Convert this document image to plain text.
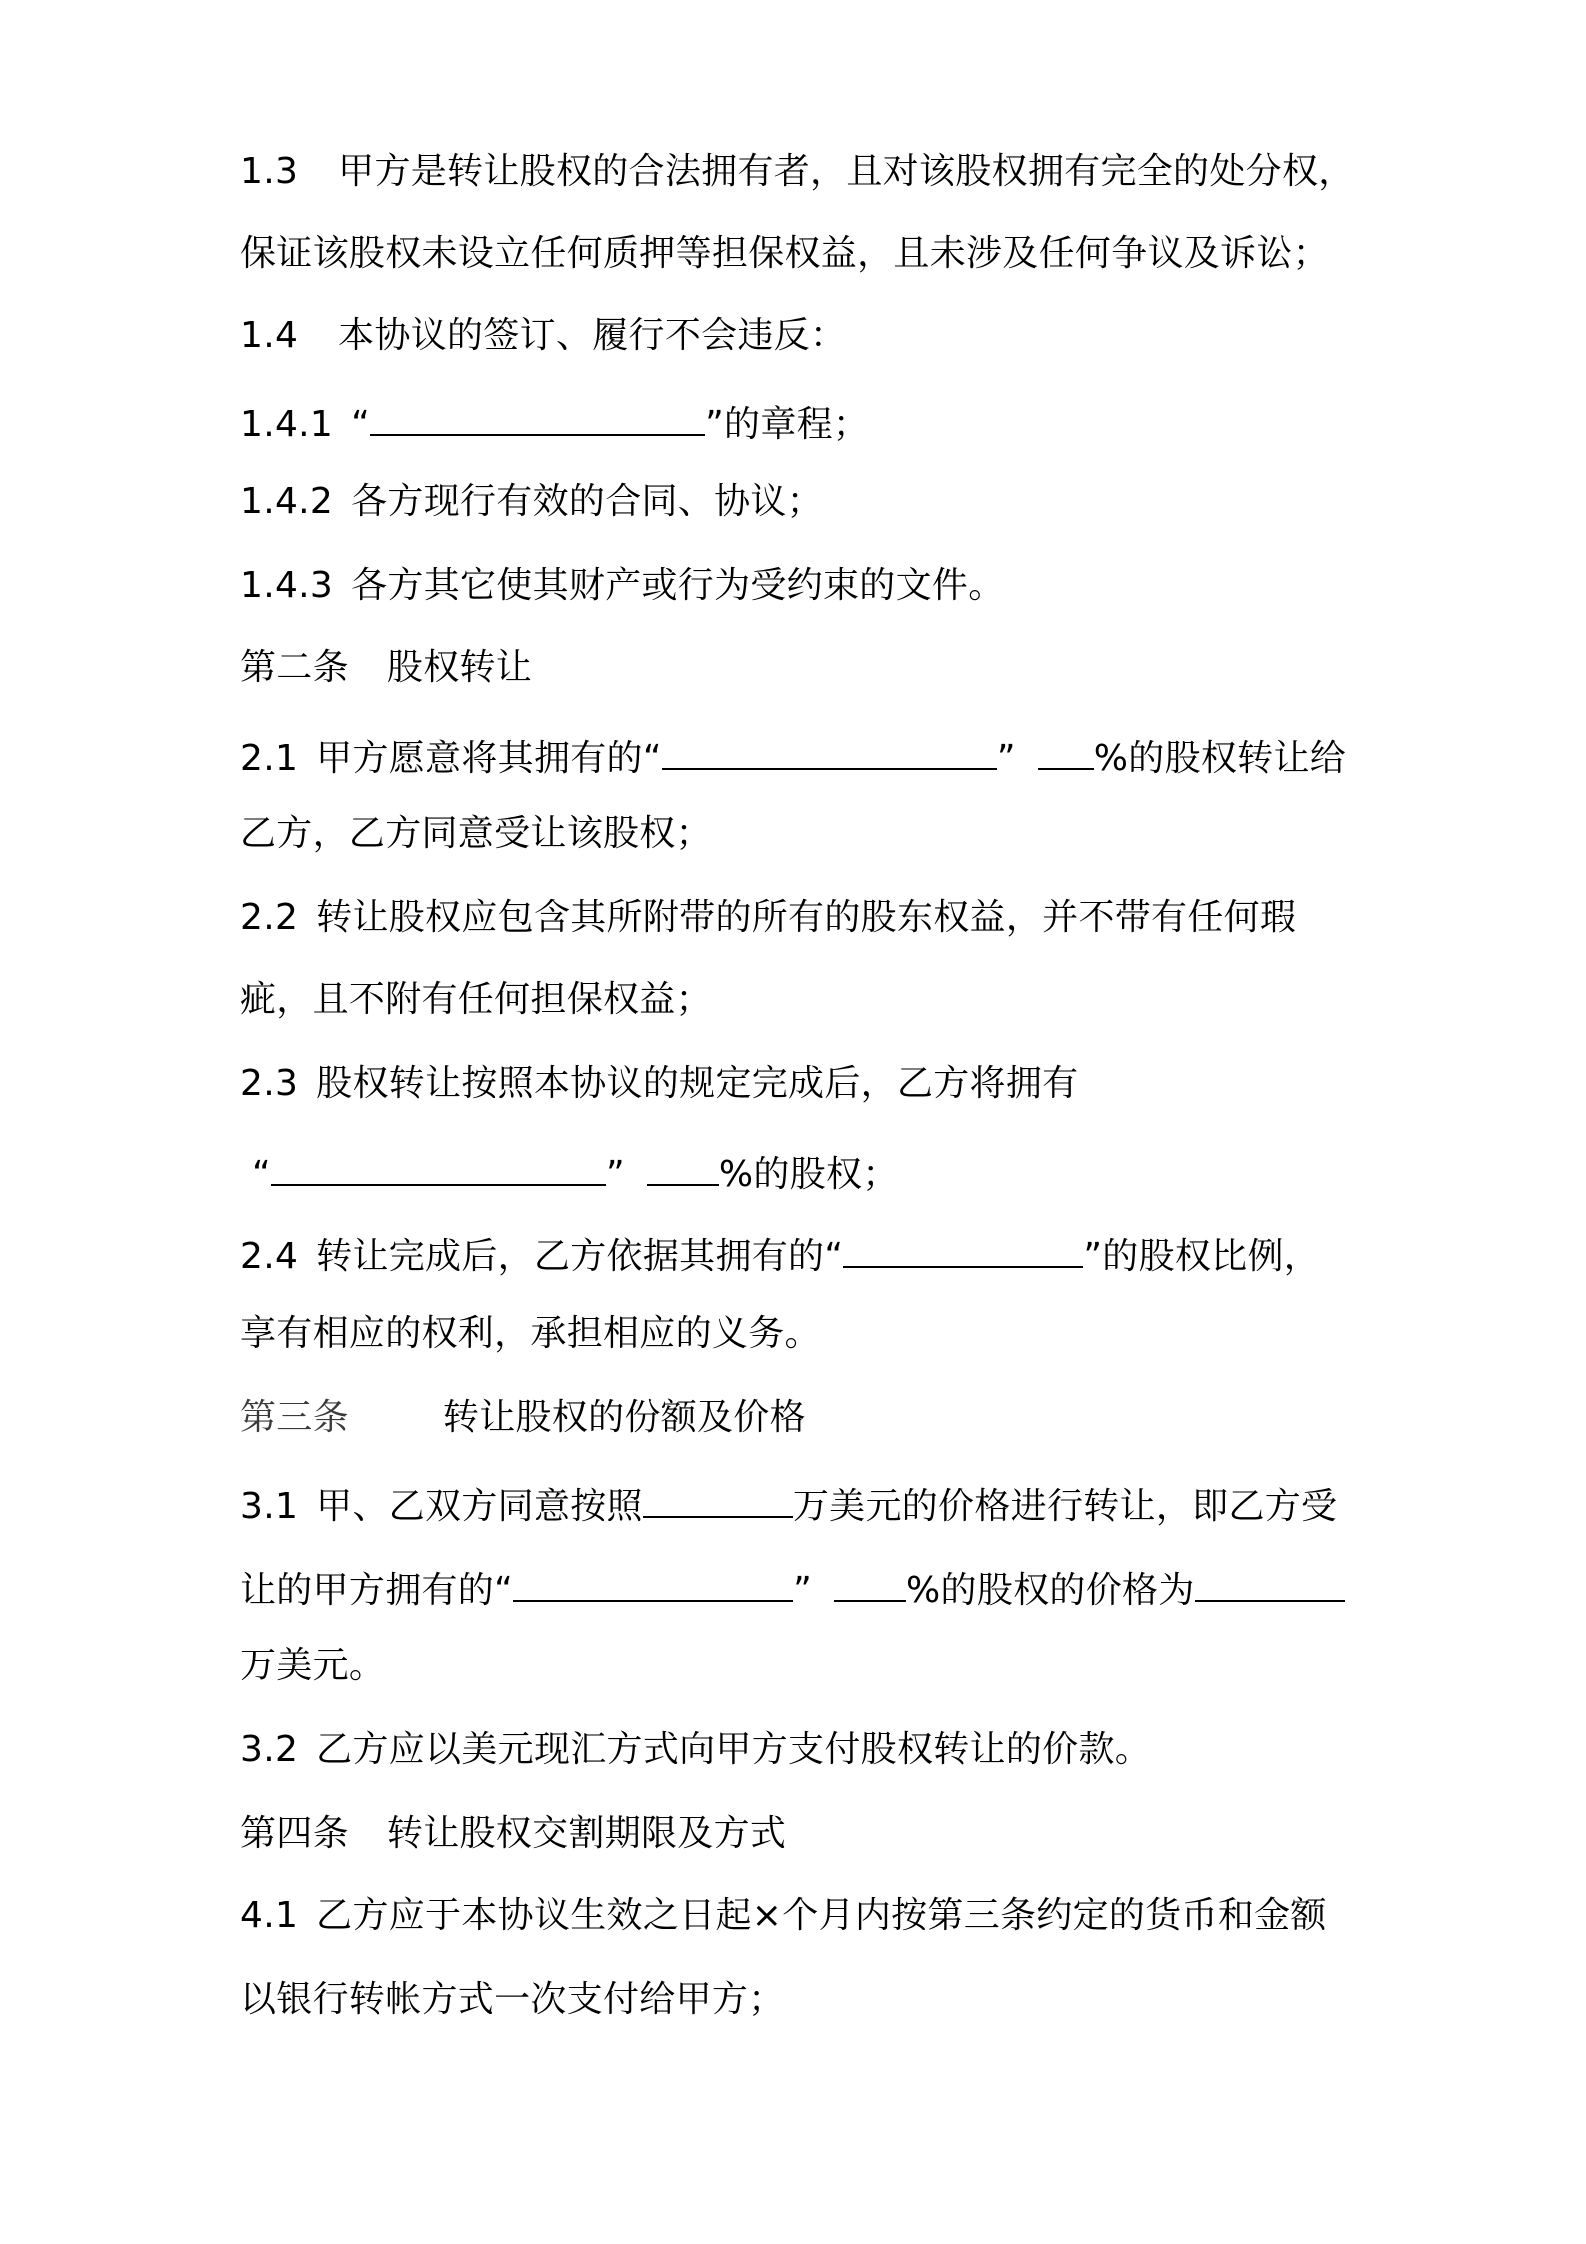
1.3 甲方是转让股权的合法拥有者，且对该股权拥有完全的处分权，
保证该股权未设立任何质押等担保权益，且未涉及任何争议及诉讼；
1.4 本协议的签订、履行不会违反：
1.4.1 “	”的章程；
1.4.2 各方现行有效的合同、协议；
1.4.3 各方其它使其财产或行为受约束的文件。
第二条 股权转让
2.1 甲方愿意将其拥有的“	” %的股权转让给
乙方，乙方同意受让该股权；
2.2 转让股权应包含其所附带的所有的股东权益，并不带有任何瑕
疵，且不附有任何担保权益；
2.3 股权转让按照本协议的规定完成后，乙方将拥有
“	”	%的股权；
2.4 转让完成后，乙方依据其拥有的“	”的股权比例，
享有相应的权利，承担相应的义务。
第三条	转让股权的份额及价格
3.1 甲、乙双方同意按照	万美元的价格进行转让，即乙方受
让的甲方拥有的“	”	%的股权的价格为
万美元。
3.2 乙方应以美元现汇方式向甲方支付股权转让的价款。
第四条 转让股权交割期限及方式
4.1 乙方应于本协议生效之日起×个月内按第三条约定的货币和金额
以银行转帐方式一次支付给甲方；
